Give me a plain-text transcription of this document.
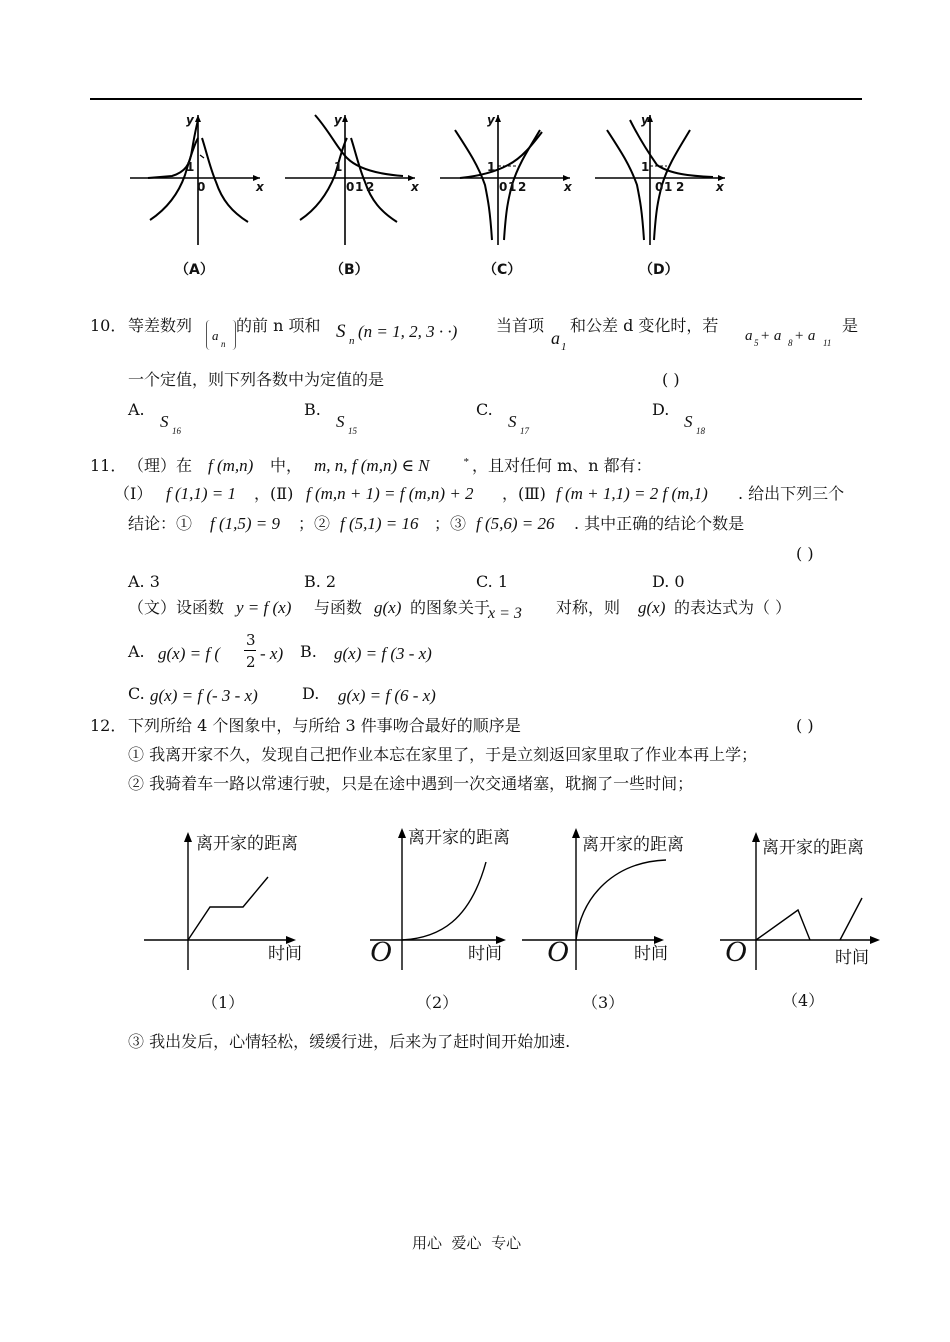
y
x
1
0
（A）
y
x
1
0 1 2
（B）
y
x
1
0 1 2
（C）
y
x
1
0 1 2
（D）
10． 等差数列
a
n
的前 n 项和 S n (n = 1, 2, 3 · ·) 当首项
a 1
和公差 d 变化时，若
a 5 + a 8 + a 11
是
一个定值，则下列各数中为定值的是	( )
A.
S 16
B.
S 15
C.
S 17
D.
S 18
11． （理）在 f (m,n) 中， m, n, f (m,n) ∈ N	* ，且对任何 m、n 都有：
（Ⅰ） f (1,1) = 1 ，(Ⅱ) f (m,n + 1) = f (m,n) + 2 ，(Ⅲ) f (m + 1,1) = 2 f (m,1) . 给出下列三个
结论：① f (1,5) = 9 ；② f (5,1) = 16 ；③ f (5,6) = 26 . 其中正确的结论个数是
( )
A. 3	B. 2	C. 1	D. 0
（文）设函数 y = f (x) 与函数 g(x) 的图象关于
x = 3 对称，则 g(x) 的表达式为（ ）
A. g(x) = f (
3
2 - x) B. g(x) = f (3 - x)
C. g(x) = f (- 3 - x)	D. g(x) = f (6 - x)
12． 下列所给 4 个图象中，与所给 3 件事吻合最好的顺序是	( )
① 我离开家不久，发现自己把作业本忘在家里了，于是立刻返回家里取了作业本再上学；
② 我骑着车一路以常速行驶，只是在途中遇到一次交通堵塞，耽搁了一些时间；
离开家的距离
时间
（1）
O
离开家的距离
时间
（2）
O
离开家的距离
时间
（3）
O
离开家的距离
时间
（4）
③ 我出发后，心情轻松，缓缓行进，后来为了赶时间开始加速.
用心  爱心  专心
